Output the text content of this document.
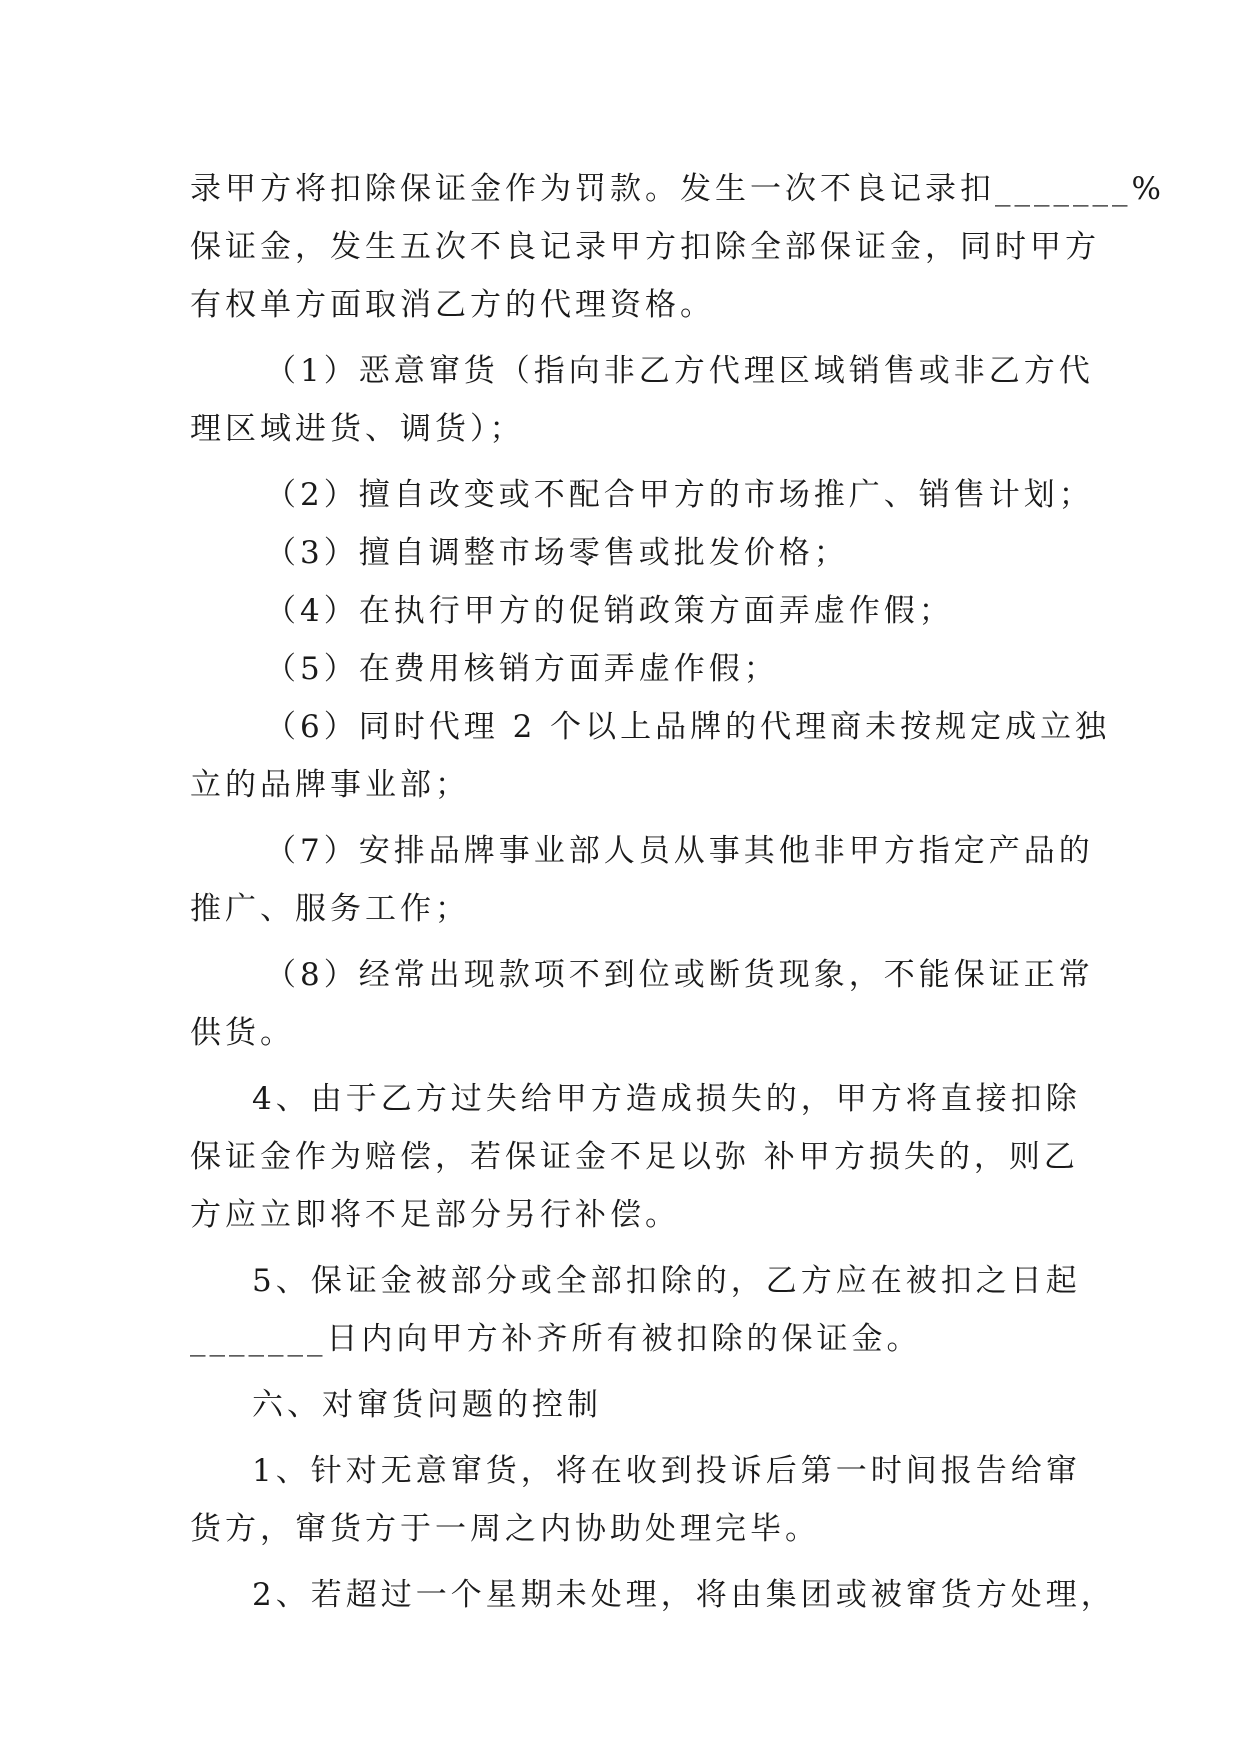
录甲方将扣除保证金作为罚款。发生一次不良记录扣_______%
保证金，发生五次不良记录甲方扣除全部保证金，同时甲方
有权单方面取消乙方的代理资格。
（1）恶意窜货（指向非乙方代理区域销售或非乙方代
理区域进货、调货）；
（2）擅自改变或不配合甲方的市场推广、销售计划；
（3）擅自调整市场零售或批发价格；
（4）在执行甲方的促销政策方面弄虚作假；
（5）在费用核销方面弄虚作假；
（6）同时代理 2 个以上品牌的代理商未按规定成立独
立的品牌事业部；
（7）安排品牌事业部人员从事其他非甲方指定产品的
推广、服务工作；
（8）经常出现款项不到位或断货现象，不能保证正常
供货。
4、由于乙方过失给甲方造成损失的，甲方将直接扣除
保证金作为赔偿，若保证金不足以弥 补甲方损失的，则乙
方应立即将不足部分另行补偿。
5、保证金被部分或全部扣除的，乙方应在被扣之日起
_______日内向甲方补齐所有被扣除的保证金。
六、对窜货问题的控制
1、针对无意窜货，将在收到投诉后第一时间报告给窜
货方，窜货方于一周之内协助处理完毕。
2、若超过一个星期未处理，将由集团或被窜货方处理，
